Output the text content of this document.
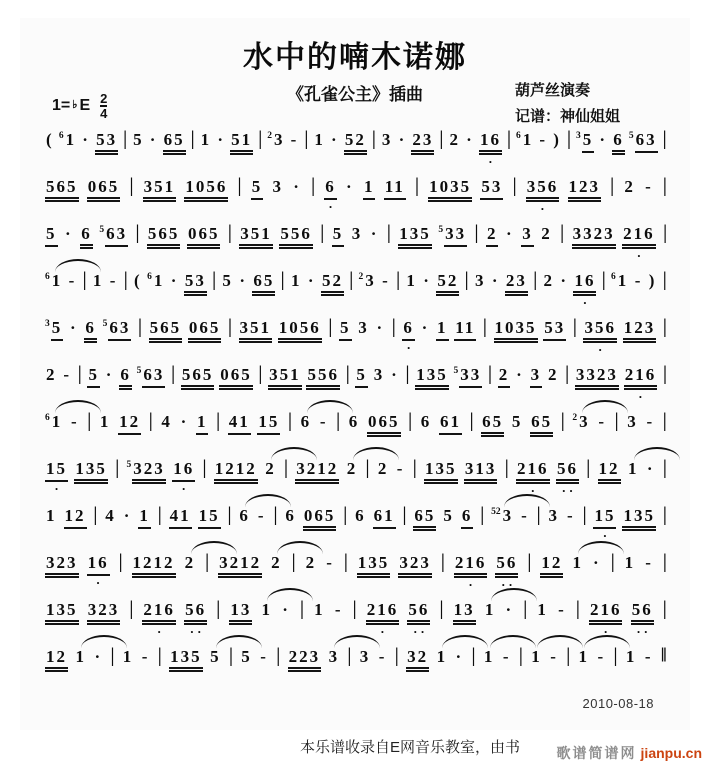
水中的喃木诺娜
《孔雀公主》插曲	葫芦丝演奏
记谱：神仙姐姐
1=♭ E $\frac{2}{4}$
( $^6$ 1 · 53 | 5 · 65 | 1 · 51 | $^2$ 3 - | 1 · 52 | 3 · 23 | 2 · 16
·
| $^6$ 1 - ) | $^3$ 5 · 6 $^5$ 63 |
565 065 | 351 1056 | 5 3 · | 6
·
· 1 11 | 1035 53 | 356
·
123 | 2 - |
5 · 6 $^5$ 63 | 565 065 | 351 556 | 5 3 · | 135 $^5$ 33 | 2 · 3 2 | 3323 216
·
|
$^6$ 1 - | 1 - | ( $^6$ 1 · 53 | 5 · 65 | 1 · 52 | $^2$ 3 - | 1 · 52 | 3 · 23 | 2 · 16
·
| $^6$ 1 - ) |
$^3$ 5 · 6 $^5$ 63 | 565 065 | 351 1056 | 5 3 · | 6
·
· 1 11 | 1035 53 | 356
·
123 |
2 - | 5 · 6 $^5$ 63 | 565 065 | 351 556 | 5 3 · | 135 $^5$ 33 | 2 · 3 2 | 3323 216
·
|
$^6$ 1 - | 1 12 | 4 · 1 | 41 15 | 6 - | 6 065 | 6 61 | 65 5 65 | $^2$ 3 - | 3 - |
15
·
135 | $^5$ 323 16
·
| 1212 2 | 3212 2 | 2 - | 135 313 | 216
·
56
··
| 12 1 · |
1 12 | 4 · 1 | 41 15 | 6 - | 6 065 | 6 61 | 65 5 6 | $^{52}$ 3 - | 3 - | 15
·
135 |
323 16
·
| 1212 2 | 3212 2 | 2 - | 135 323 | 216
·
56
··
| 12 1 · | 1 - |
135 323 | 216
·
56
··
| 13 1 · | 1 - | 216
·
56
··
| 13 1 · | 1 - | 216
·
56
··
|
12 1 · | 1 - | 135 5 | 5 - | 223 3 | 3 - | 32 1 · | 1 - | 1 - | 1 - | 1 - ‖
2010-08-18
本乐谱收录自E网音乐教室，由书	歌谱简谱网 jianpu.cn
